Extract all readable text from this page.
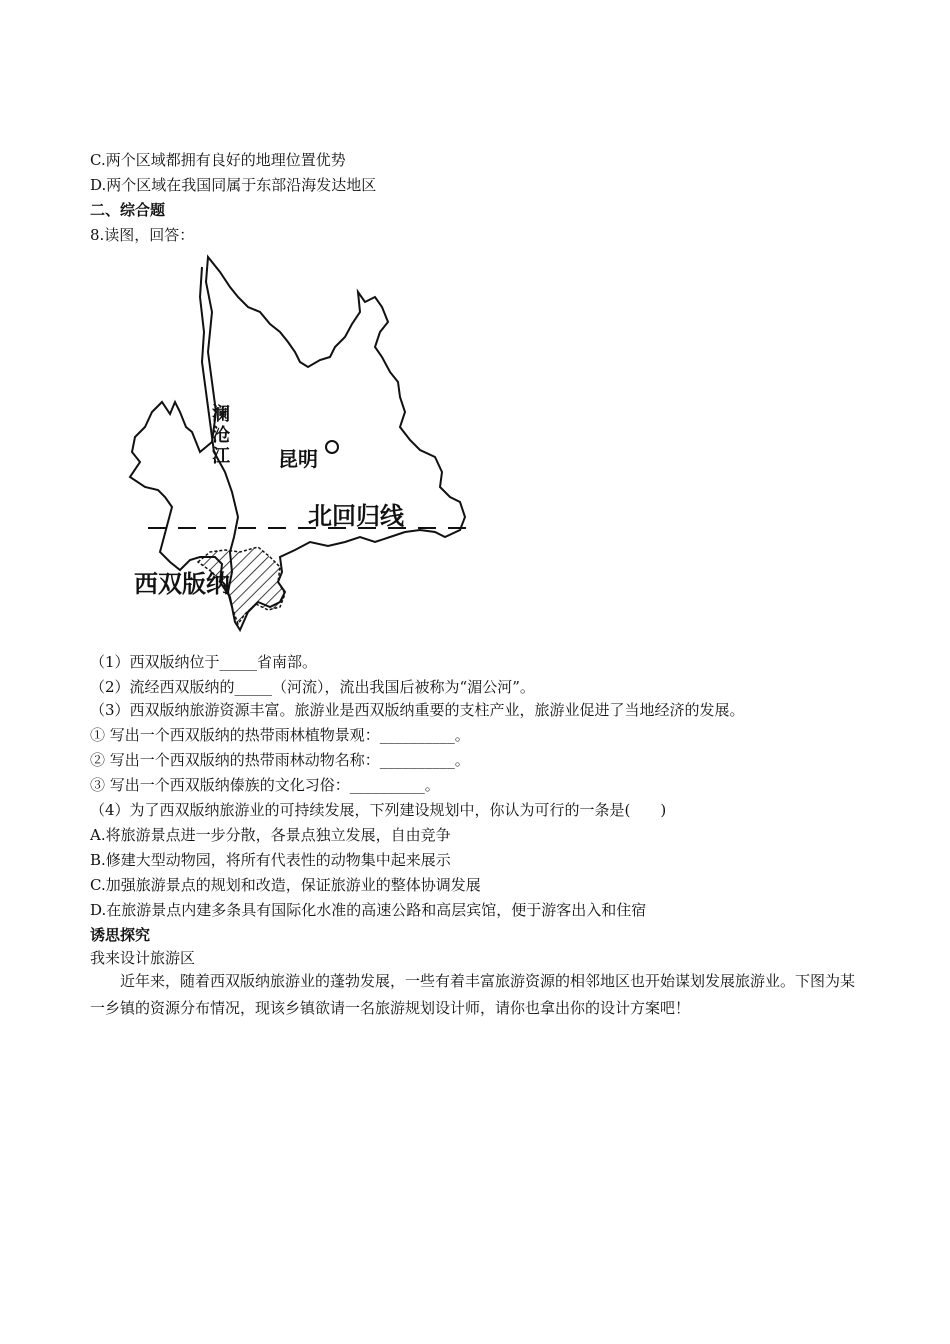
C.两个区域都拥有良好的地理位置优势
D.两个区域在我国同属于东部沿海发达地区
二、综合题
8.读图，回答：
澜
沧
江 昆明
北回归线
西双版纳
（1）西双版纳位于_____省南部。
（2）流经西双版纳的_____（河流），流出我国后被称为“湄公河”。
（3）西双版纳旅游资源丰富。旅游业是西双版纳重要的支柱产业，旅游业促进了当地经济的发展。
① 写出一个西双版纳的热带雨林植物景观：__________。
② 写出一个西双版纳的热带雨林动物名称：__________。
③ 写出一个西双版纳傣族的文化习俗：__________。
（4）为了西双版纳旅游业的可持续发展，下列建设规划中，你认为可行的一条是(　　)
A.将旅游景点进一步分散，各景点独立发展，自由竞争
B.修建大型动物园，将所有代表性的动物集中起来展示
C.加强旅游景点的规划和改造，保证旅游业的整体协调发展
D.在旅游景点内建多条具有国际化水准的高速公路和高层宾馆，便于游客出入和住宿
诱思探究
我来设计旅游区
近年来，随着西双版纳旅游业的蓬勃发展，一些有着丰富旅游资源的相邻地区也开始谋划发展旅游业。下图为某一乡镇的资源分布情况，现该乡镇欲请一名旅游规划设计师，请你也拿出你的设计方案吧！
